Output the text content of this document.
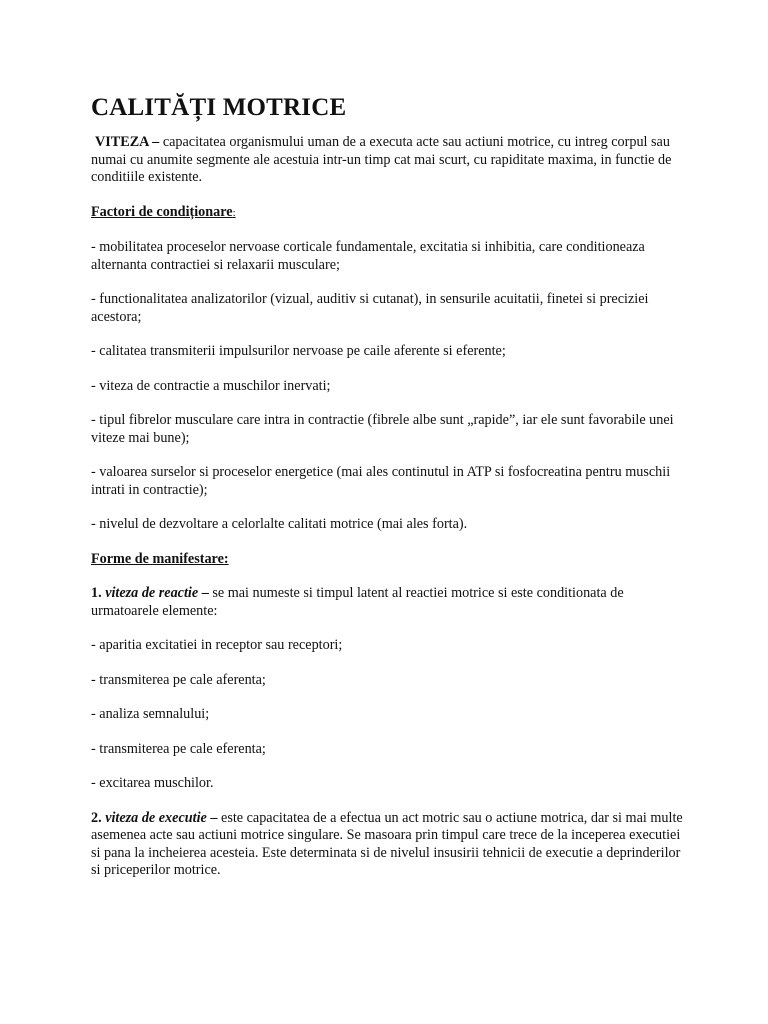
CALITĂȚI MOTRICE

VITEZA – capacitatea organismului uman de a executa acte sau actiuni motrice, cu intreg corpul sau numai cu anumite segmente ale acestuia intr-un timp cat mai scurt, cu rapiditate maxima, in functie de conditiile existente.

Factori de condiționare:

- mobilitatea proceselor nervoase corticale fundamentale, excitatia si inhibitia, care conditioneaza alternanta contractiei si relaxarii musculare;

- functionalitatea analizatorilor (vizual, auditiv si cutanat), in sensurile acuitatii, finetei si preciziei acestora;

- calitatea transmiterii impulsurilor nervoase pe caile aferente si eferente;

- viteza de contractie a muschilor inervati;

- tipul fibrelor musculare care intra in contractie (fibrele albe sunt „rapide”, iar ele sunt favorabile unei viteze mai bune);

- valoarea surselor si proceselor energetice (mai ales continutul in ATP si fosfocreatina pentru muschii intrati in contractie);

- nivelul de dezvoltare a celorlalte calitati motrice (mai ales forta).

Forme de manifestare:

1. viteza de reactie – se mai numeste si timpul latent al reactiei motrice si este conditionata de urmatoarele elemente:

- aparitia excitatiei in receptor sau receptori;

- transmiterea pe cale aferenta;

- analiza semnalului;

- transmiterea pe cale eferenta;

- excitarea muschilor.

2. viteza de executie – este capacitatea de a efectua un act motric sau o actiune motrica, dar si mai multe asemenea acte sau actiuni motrice singulare. Se masoara prin timpul care trece de la inceperea executiei si pana la incheierea acesteia. Este determinata si de nivelul insusirii tehnicii de executie a deprinderilor si priceperilor motrice.
